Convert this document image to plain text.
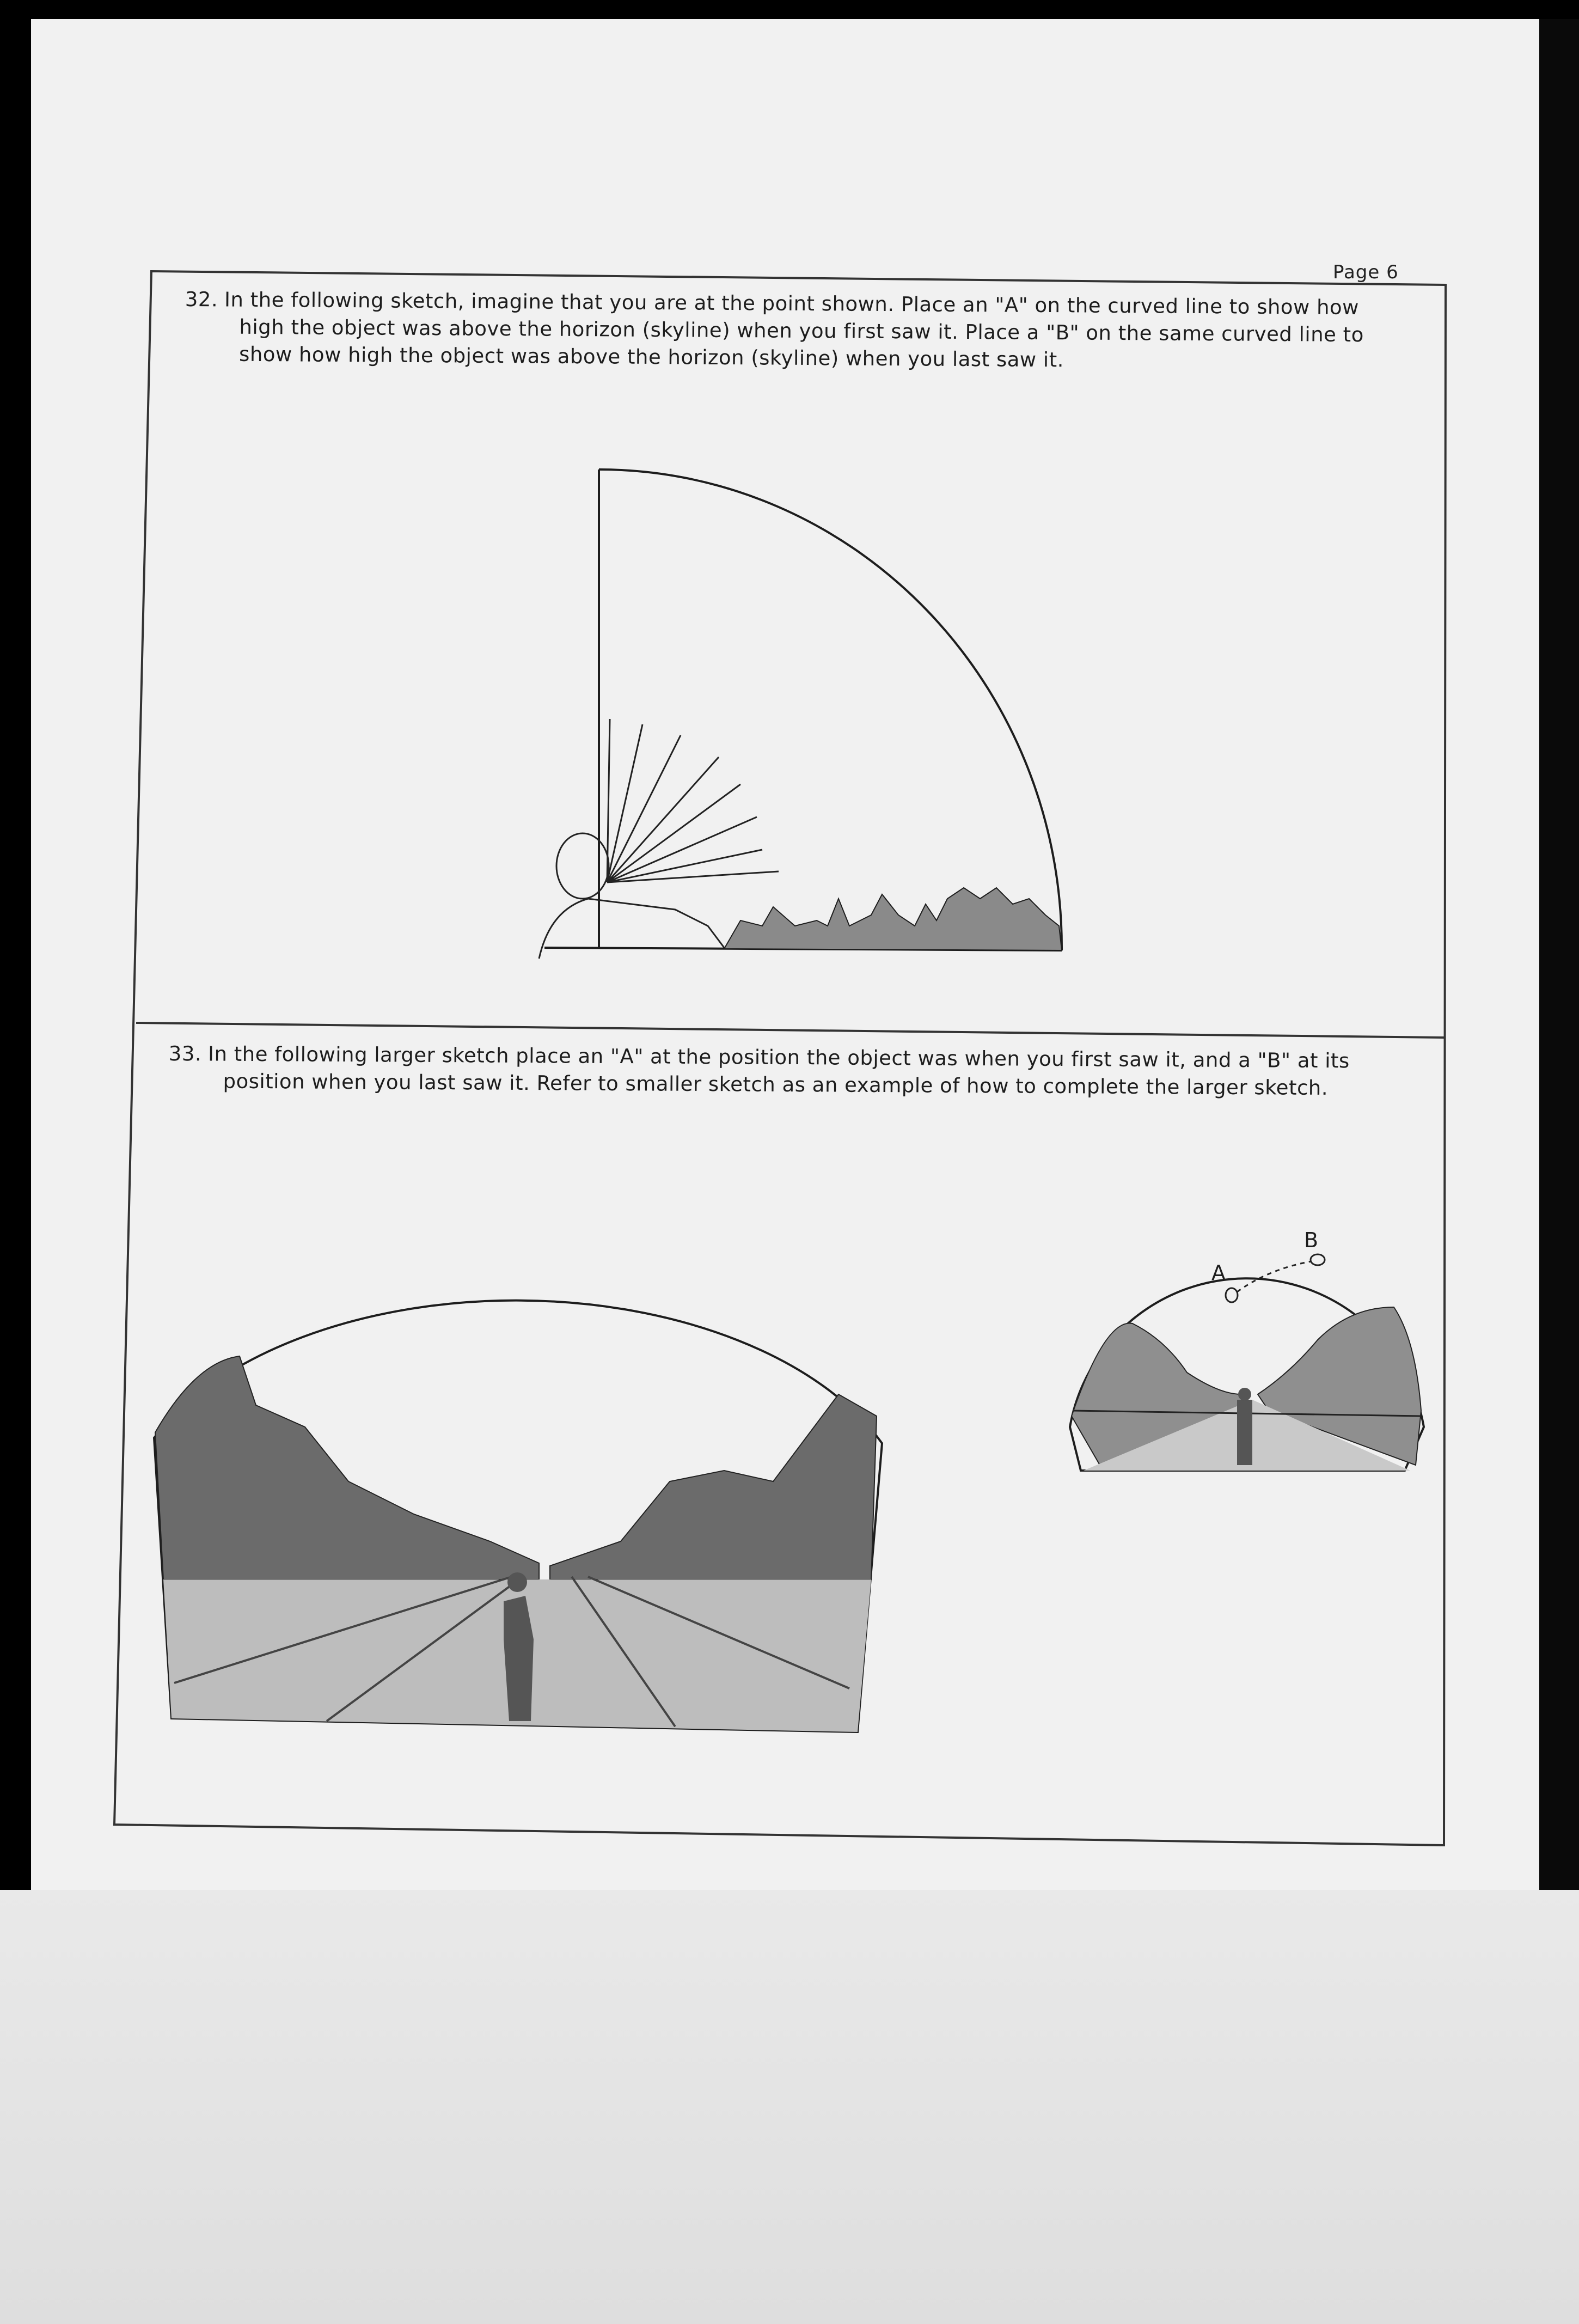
A
B
Page 6
32. In the following sketch, imagine that you are at the point shown. Place an "A" on the curved line to show how
high the object was above the horizon (skyline) when you first saw it. Place a "B" on the same curved line to
show how high the object was above the horizon (skyline) when you last saw it.
33. In the following larger sketch place an "A" at the position the object was when you first saw it, and a "B" at its
position when you last saw it. Refer to smaller sketch as an example of how to complete the larger sketch.
